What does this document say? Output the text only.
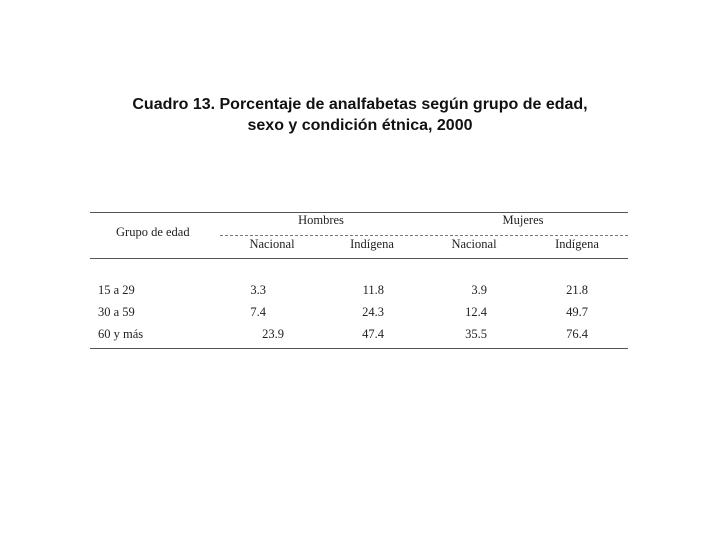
Cuadro 13. Porcentaje de analfabetas según grupo de edad,
sexo y condición étnica, 2000
Grupo de edad
Hombres	Mujeres
Nacional	Indígena	Nacional	Indígena
15 a 29	3.3	11.8	3.9	21.8
30 a 59	7.4	24.3	12.4	49.7
60 y más	23.9	47.4	35.5	76.4
